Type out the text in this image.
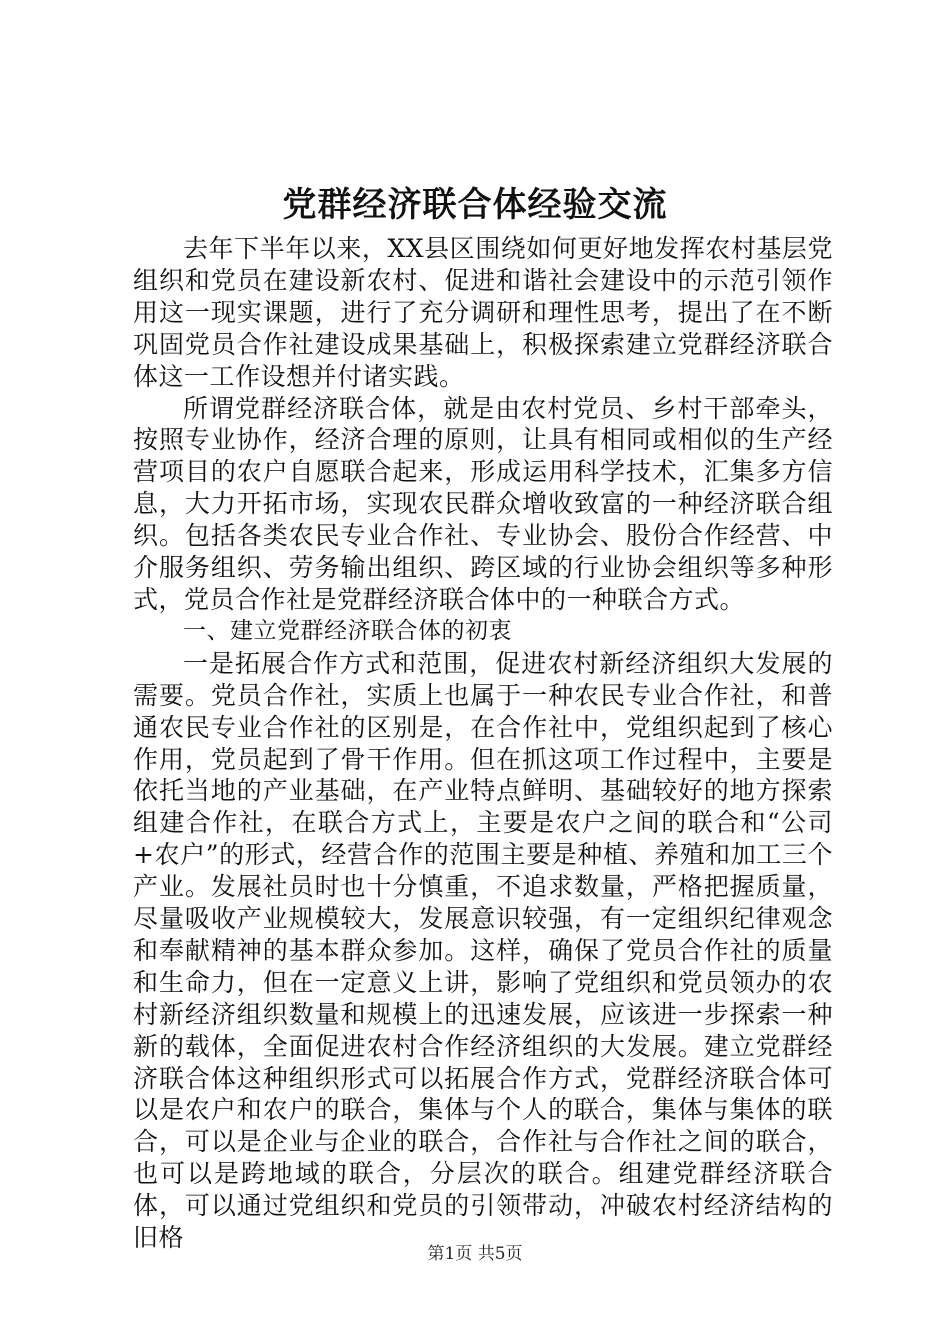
党群经济联合体经验交流

去年下半年以来，XX县区围绕如何更好地发挥农村基层党组织和党员在建设新农村、促进和谐社会建设中的示范引领作用这一现实课题，进行了充分调研和理性思考，提出了在不断巩固党员合作社建设成果基础上，积极探索建立党群经济联合体这一工作设想并付诸实践。

所谓党群经济联合体，就是由农村党员、乡村干部牵头，按照专业协作，经济合理的原则，让具有相同或相似的生产经营项目的农户自愿联合起来，形成运用科学技术，汇集多方信息，大力开拓市场，实现农民群众增收致富的一种经济联合组织。包括各类农民专业合作社、专业协会、股份合作经营、中介服务组织、劳务输出组织、跨区域的行业协会组织等多种形式，党员合作社是党群经济联合体中的一种联合方式。

一、建立党群经济联合体的初衷

一是拓展合作方式和范围，促进农村新经济组织大发展的需要。党员合作社，实质上也属于一种农民专业合作社，和普通农民专业合作社的区别是，在合作社中，党组织起到了核心作用，党员起到了骨干作用。但在抓这项工作过程中，主要是依托当地的产业基础，在产业特点鲜明、基础较好的地方探索组建合作社，在联合方式上，主要是农户之间的联合和“公司+农户”的形式，经营合作的范围主要是种植、养殖和加工三个产业。发展社员时也十分慎重，不追求数量，严格把握质量，尽量吸收产业规模较大，发展意识较强，有一定组织纪律观念和奉献精神的基本群众参加。这样，确保了党员合作社的质量和生命力，但在一定意义上讲，影响了党组织和党员领办的农村新经济组织数量和规模上的迅速发展，应该进一步探索一种新的载体，全面促进农村合作经济组织的大发展。建立党群经济联合体这种组织形式可以拓展合作方式，党群经济联合体可以是农户和农户的联合，集体与个人的联合，集体与集体的联合，可以是企业与企业的联合，合作社与合作社之间的联合，也可以是跨地域的联合，分层次的联合。组建党群经济联合体，可以通过党组织和党员的引领带动，冲破农村经济结构的旧格

第1页 共5页
